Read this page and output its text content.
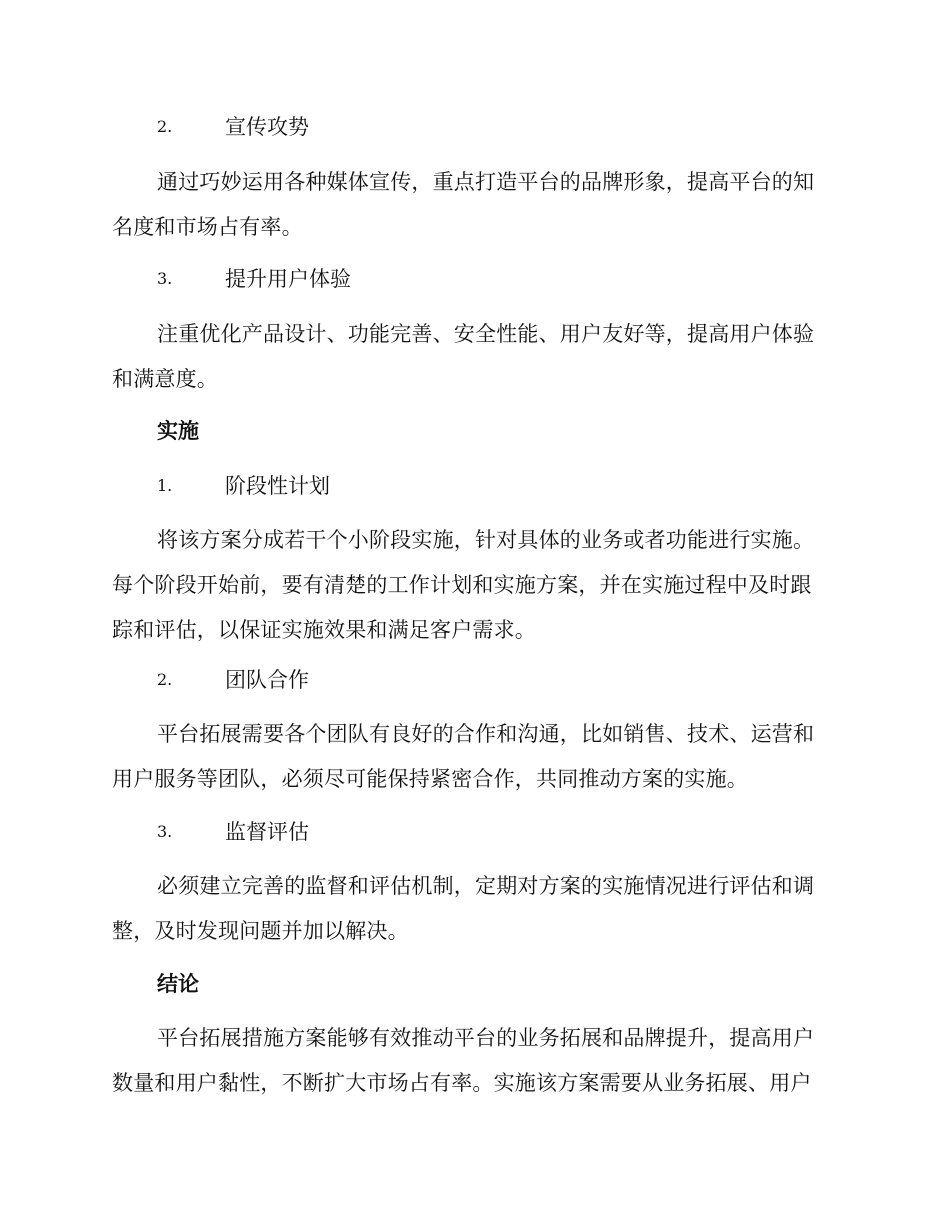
2.	宣传攻势

通过巧妙运用各种媒体宣传，重点打造平台的品牌形象，提高平台的知名度和市场占有率。

3.	提升用户体验

注重优化产品设计、功能完善、安全性能、用户友好等，提高用户体验和满意度。

实施
1.	阶段性计划

将该方案分成若干个小阶段实施，针对具体的业务或者功能进行实施。每个阶段开始前，要有清楚的工作计划和实施方案，并在实施过程中及时跟踪和评估，以保证实施效果和满足客户需求。

2.	团队合作

平台拓展需要各个团队有良好的合作和沟通，比如销售、技术、运营和用户服务等团队，必须尽可能保持紧密合作，共同推动方案的实施。

3.	监督评估

必须建立完善的监督和评估机制，定期对方案的实施情况进行评估和调整，及时发现问题并加以解决。

结论

平台拓展措施方案能够有效推动平台的业务拓展和品牌提升，提高用户数量和用户黏性，不断扩大市场占有率。实施该方案需要从业务拓展、用户
